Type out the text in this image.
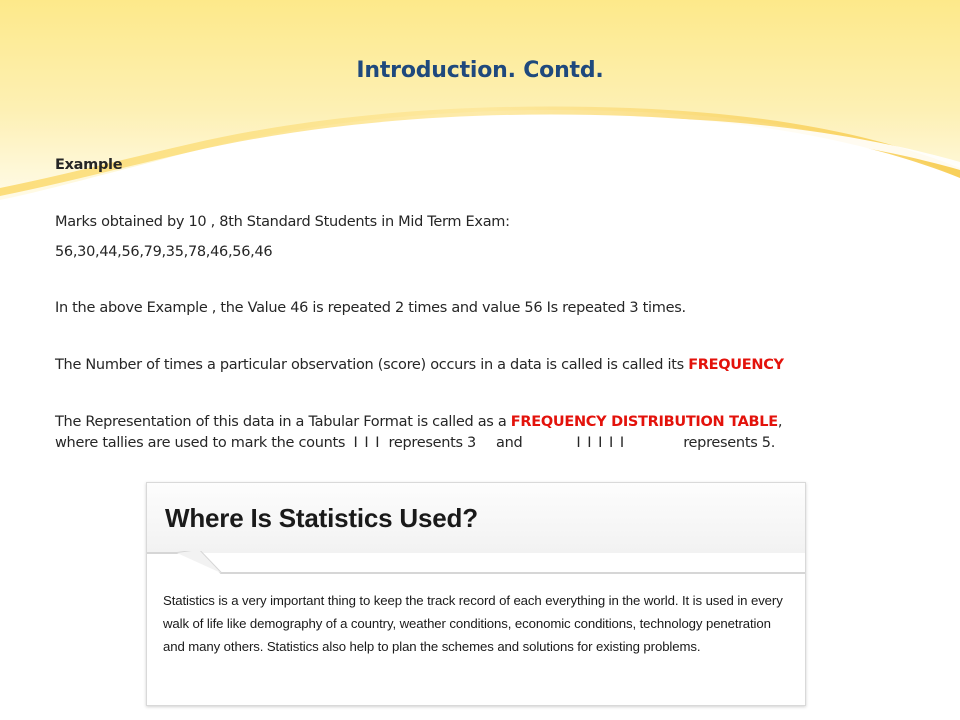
Introduction. Contd.

Example

Marks obtained by 10 , 8th Standard Students in Mid Term Exam:

56,30,44,56,79,35,78,46,56,46

In the above Example , the Value 46 is repeated 2 times and value 56 Is repeated 3 times.

The Number of times a particular observation (score) occurs in a data is called is called its FREQUENCY

The Representation of this data in a Tabular Format is called as a FREQUENCY DISTRIBUTION TABLE,
where tallies are used to mark the counts I I I represents 3 and	I I I I I	represents 5.

Where Is Statistics Used?

Statistics is a very important thing to keep the track record of each everything in the world. It is used in every walk of life like demography of a country, weather conditions, economic conditions, technology penetration and many others. Statistics also help to plan the schemes and solutions for existing problems.
